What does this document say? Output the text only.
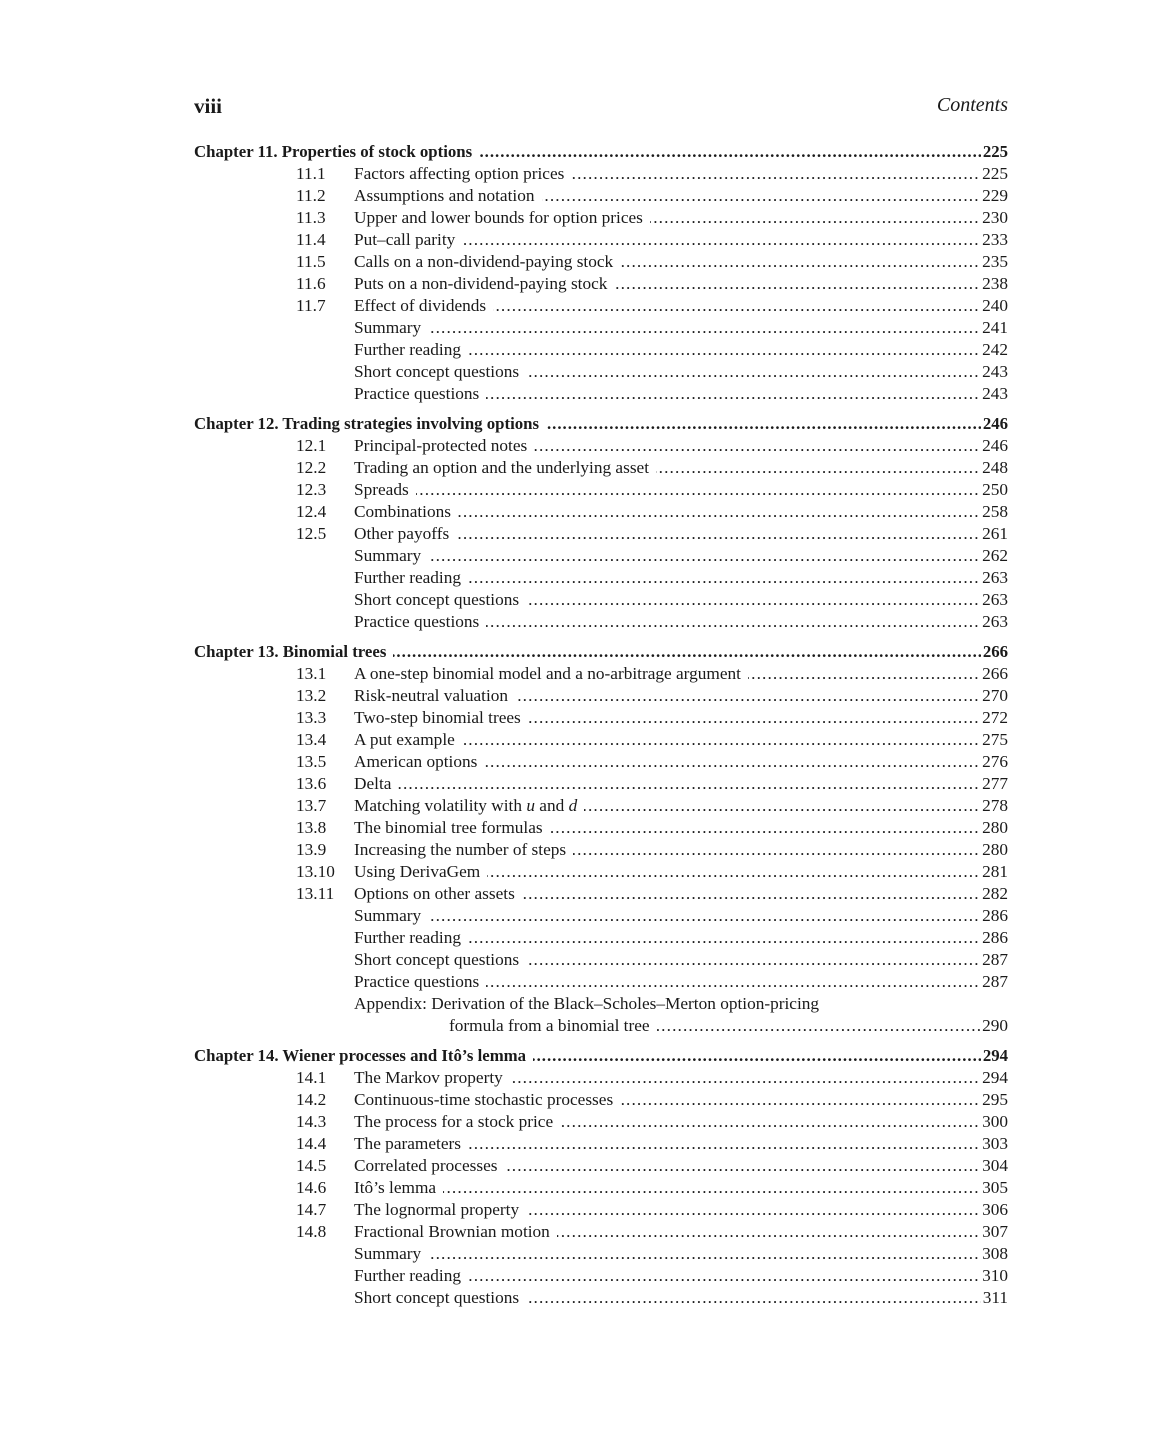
viii	Contents
. . .
Chapter 11. Properties of stock options	225
11.1 . . . Factors affecting option prices	225
11.2 . . . Assumptions and notation	229
11.3 . . . Upper and lower bounds for option prices	230
11.4 . . . Put–call parity	233
11.5 . . . Calls on a non-dividend-paying stock	235
11.6 . . . Puts on a non-dividend-paying stock	238
11.7 . . . Effect of dividends	240
. . .
Summary	241
. . .
Further reading	242
. . .
Short concept questions	243
. . .
Practice questions	243
. . .
Chapter 12. Trading strategies involving options	246
12.1 . . . Principal-protected notes	246
12.2 . . . Trading an option and the underlying asset	248
12.3 . . . Spreads	250
12.4 . . . Combinations	258
12.5 . . . Other payoffs	261
. . .
Summary	262
. . .
Further reading	263
. . .
Short concept questions	263
. . .
Practice questions	263
. . .
Chapter 13. Binomial trees	266
13.1 . . . A one-step binomial model and a no-arbitrage argument	266
13.2 . . . Risk-neutral valuation	270
13.3 . . . Two-step binomial trees	272
13.4 . . . A put example	275
13.5 . . . American options	276
13.6 . . . Delta	277
13.7 . . . Matching volatility with u and d	278
13.8 . . . The binomial tree formulas	280
13.9 . . . Increasing the number of steps	280
13.10 . . . Using DerivaGem	281
13.11 . . . Options on other assets	282
. . .
Summary	286
. . .
Further reading	286
. . .
Short concept questions	287
. . .
Practice questions	287
Appendix: Derivation of the Black–Scholes–Merton option-pricing
. . .
formula from a binomial tree	290
. . .
Chapter 14. Wiener processes and Itô’s lemma	294
14.1 . . . The Markov property	294
14.2 . . . Continuous-time stochastic processes	295
14.3 . . . The process for a stock price	300
14.4 . . . The parameters	303
14.5 . . . Correlated processes	304
14.6 . . . Itô’s lemma	305
14.7 . . . The lognormal property	306
14.8 . . . Fractional Brownian motion	307
. . .
Summary	308
. . .
Further reading	310
. . .
Short concept questions	311
